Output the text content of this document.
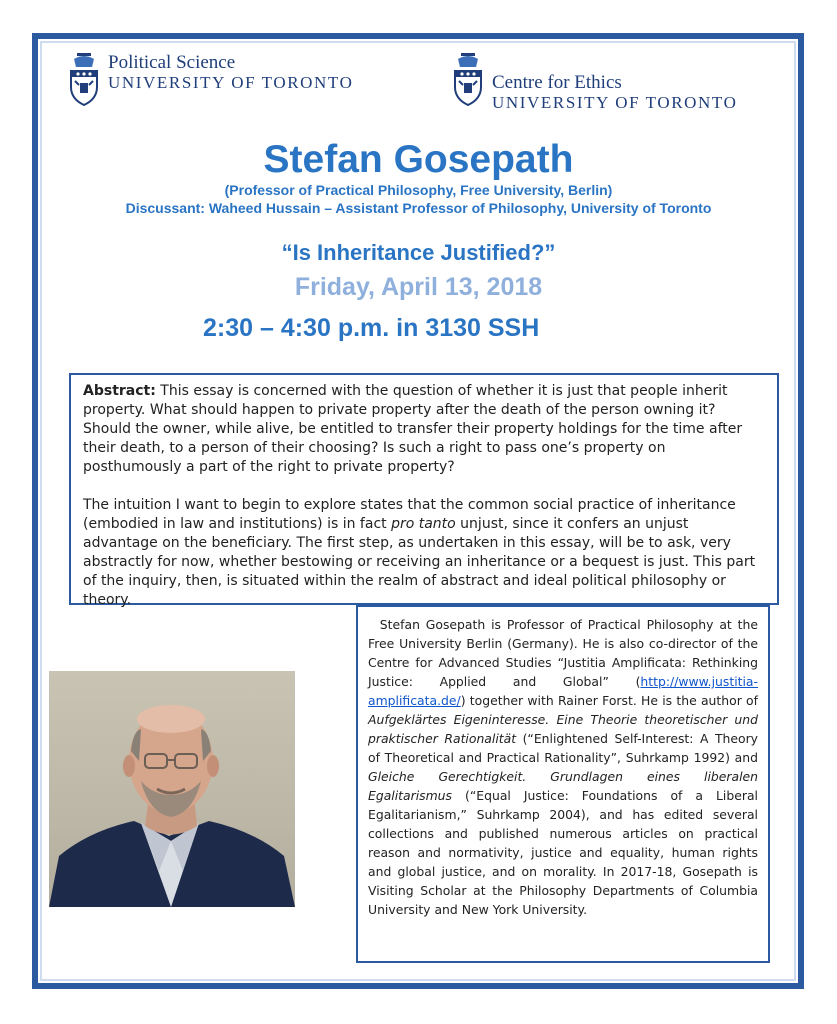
Political Science
UNIVERSITY OF TORONTO	Centre for Ethics
UNIVERSITY OF TORONTO
Stefan Gosepath
(Professor of Practical Philosophy, Free University, Berlin)
Discussant: Waheed Hussain – Assistant Professor of Philosophy, University of Toronto
“Is Inheritance Justified?”
Friday, April 13, 2018
2:30 – 4:30 p.m. in 3130 SSH

Abstract: This essay is concerned with the question of whether it is just that people inherit property. What should happen to private property after the death of the person owning it? Should the owner, while alive, be entitled to transfer their property holdings for the time after their death, to a person of their choosing? Is such a right to pass one’s property on posthumously a part of the right to private property?

The intuition I want to begin to explore states that the common social practice of inheritance (embodied in law and institutions) is in fact pro tanto unjust, since it confers an unjust advantage on the beneficiary. The first step, as undertaken in this essay, will be to ask, very abstractly for now, whether bestowing or receiving an inheritance or a bequest is just. This part of the inquiry, then, is situated within the realm of abstract and ideal political philosophy or theory.

Stefan Gosepath is Professor of Practical Philosophy at the Free University Berlin (Germany). He is also co-director of the Centre for Advanced Studies “Justitia Amplificata: Rethinking Justice: Applied and Global” (http://www.justitia-amplificata.de/) together with Rainer Forst. He is the author of Aufgeklärtes Eigeninteresse. Eine Theorie theoretischer und praktischer Rationalität (“Enlightened Self-Interest: A Theory of Theoretical and Practical Rationality”, Suhrkamp 1992) and Gleiche Gerechtigkeit. Grundlagen eines liberalen Egalitarismus (“Equal Justice: Foundations of a Liberal Egalitarianism,” Suhrkamp 2004), and has edited several collections and published numerous articles on practical reason and normativity, justice and equality, human rights and global justice, and on morality. In 2017-18, Gosepath is Visiting Scholar at the Philosophy Departments of Columbia University and New York University.
